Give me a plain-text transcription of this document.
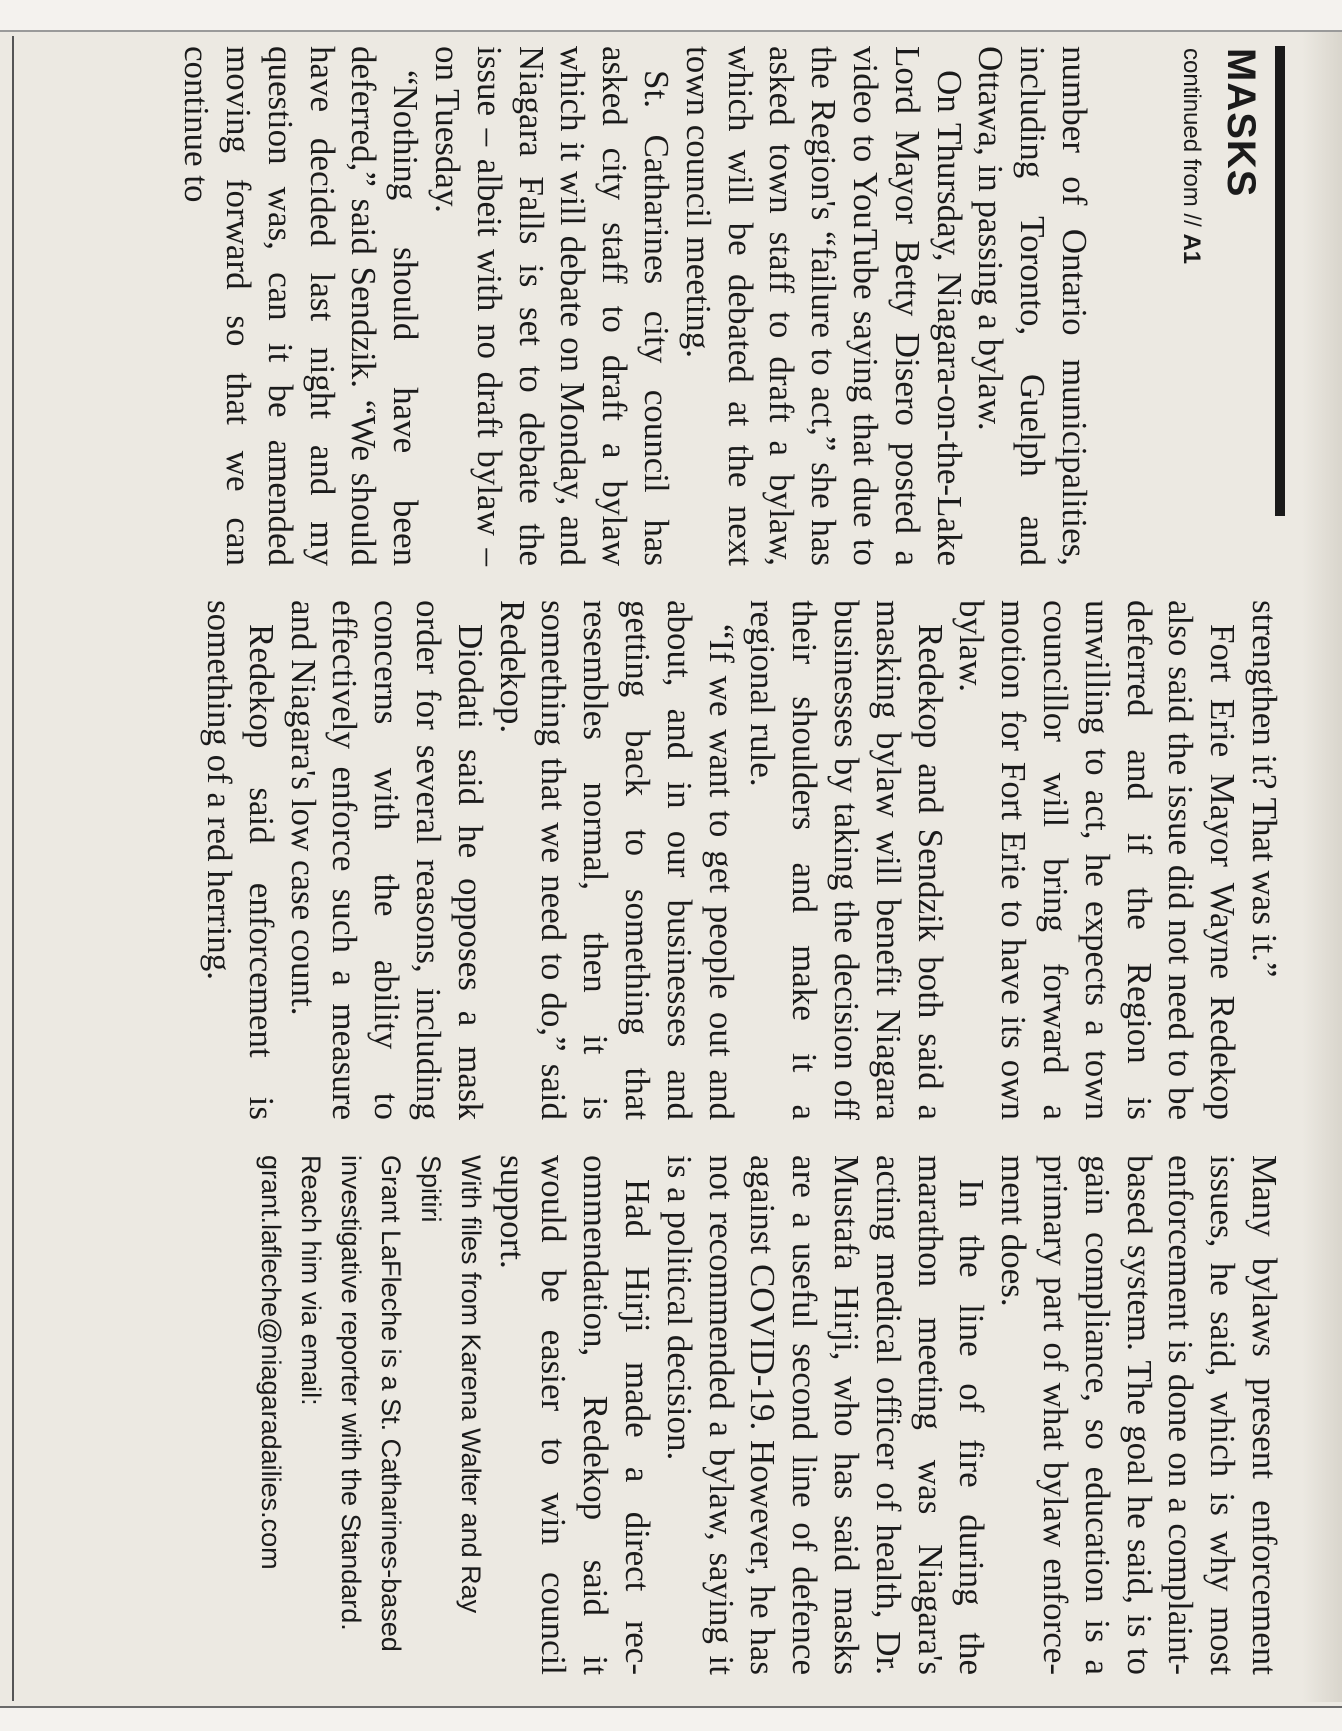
MASKS
continued from // A1

number of Ontario municipalities, including Toronto, Guelph and Ottawa, in passing a bylaw.

On Thursday, Niagara-on-the-Lake Lord Mayor Betty Disero posted a video to YouTube saying that due to the Region's “failure to act,” she has asked town staff to draft a bylaw, which will be debated at the next town council meeting.

St. Catharines city council has asked city staff to draft a bylaw which it will debate on Monday, and Niagara Falls is set to debate the issue – albeit with no draft bylaw – on Tuesday.

“Nothing should have been deferred,” said Sendzik. “We should have decided last night and my question was, can it be amended moving forward so that we can continue to

strengthen it? That was it.”

Fort Erie Mayor Wayne Redekop also said the issue did not need to be deferred and if the Region is unwilling to act, he expects a town councillor will bring forward a motion for Fort Erie to have its own bylaw.

Redekop and Sendzik both said a masking bylaw will benefit Niagara businesses by taking the decision off their shoulders and make it a regional rule.

“If we want to get people out and about, and in our businesses and getting back to something that resembles normal, then it is something that we need to do,” said Redekop.

Diodati said he opposes a mask order for several reasons, including concerns with the ability to effectively enforce such a measure and Niagara's low case count.

Redekop said enforcement is something of a red herring.

Many bylaws present enforcement issues, he said, which is why most enforcement is done on a complaint-based system. The goal he said, is to gain compliance, so education is a primary part of what bylaw enforcement does.

In the line of fire during the marathon meeting was Niagara's acting medical officer of health, Dr. Mustafa Hirji, who has said masks are a useful second line of defence against COVID-19. However, he has not recommended a bylaw, saying it is a political decision.

Had Hirji made a direct recommendation, Redekop said it would be easier to win council support.

With files from Karena Walter and Ray Spitiri

Grant LaFleche is a St. Catharines-based investigative reporter with the Standard. Reach him via email: grant.lafleche@niagaradailies.com
